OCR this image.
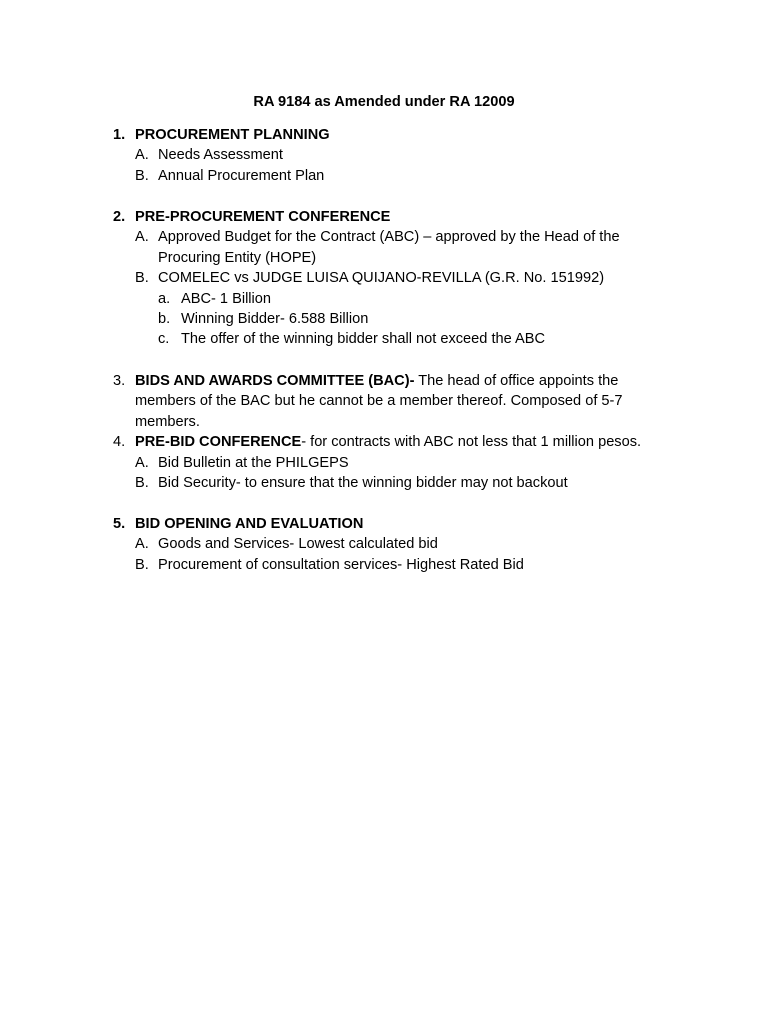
RA 9184 as Amended under RA 12009

1. PROCUREMENT PLANNING
A. Needs Assessment
B. Annual Procurement Plan
2. PRE-PROCUREMENT CONFERENCE
A. Approved Budget for the Contract (ABC) – approved by the Head of the Procuring Entity (HOPE)
B. COMELEC vs JUDGE LUISA QUIJANO-REVILLA (G.R. No. 151992)
a. ABC- 1 Billion
b. Winning Bidder- 6.588 Billion
c. The offer of the winning bidder shall not exceed the ABC
3. BIDS AND AWARDS COMMITTEE (BAC)- The head of office appoints the members of the BAC but he cannot be a member thereof. Composed of 5-7 members.
4. PRE-BID CONFERENCE- for contracts with ABC not less that 1 million pesos.
A. Bid Bulletin at the PHILGEPS
B. Bid Security- to ensure that the winning bidder may not backout
5. BID OPENING AND EVALUATION
A. Goods and Services- Lowest calculated bid
B. Procurement of consultation services- Highest Rated Bid
